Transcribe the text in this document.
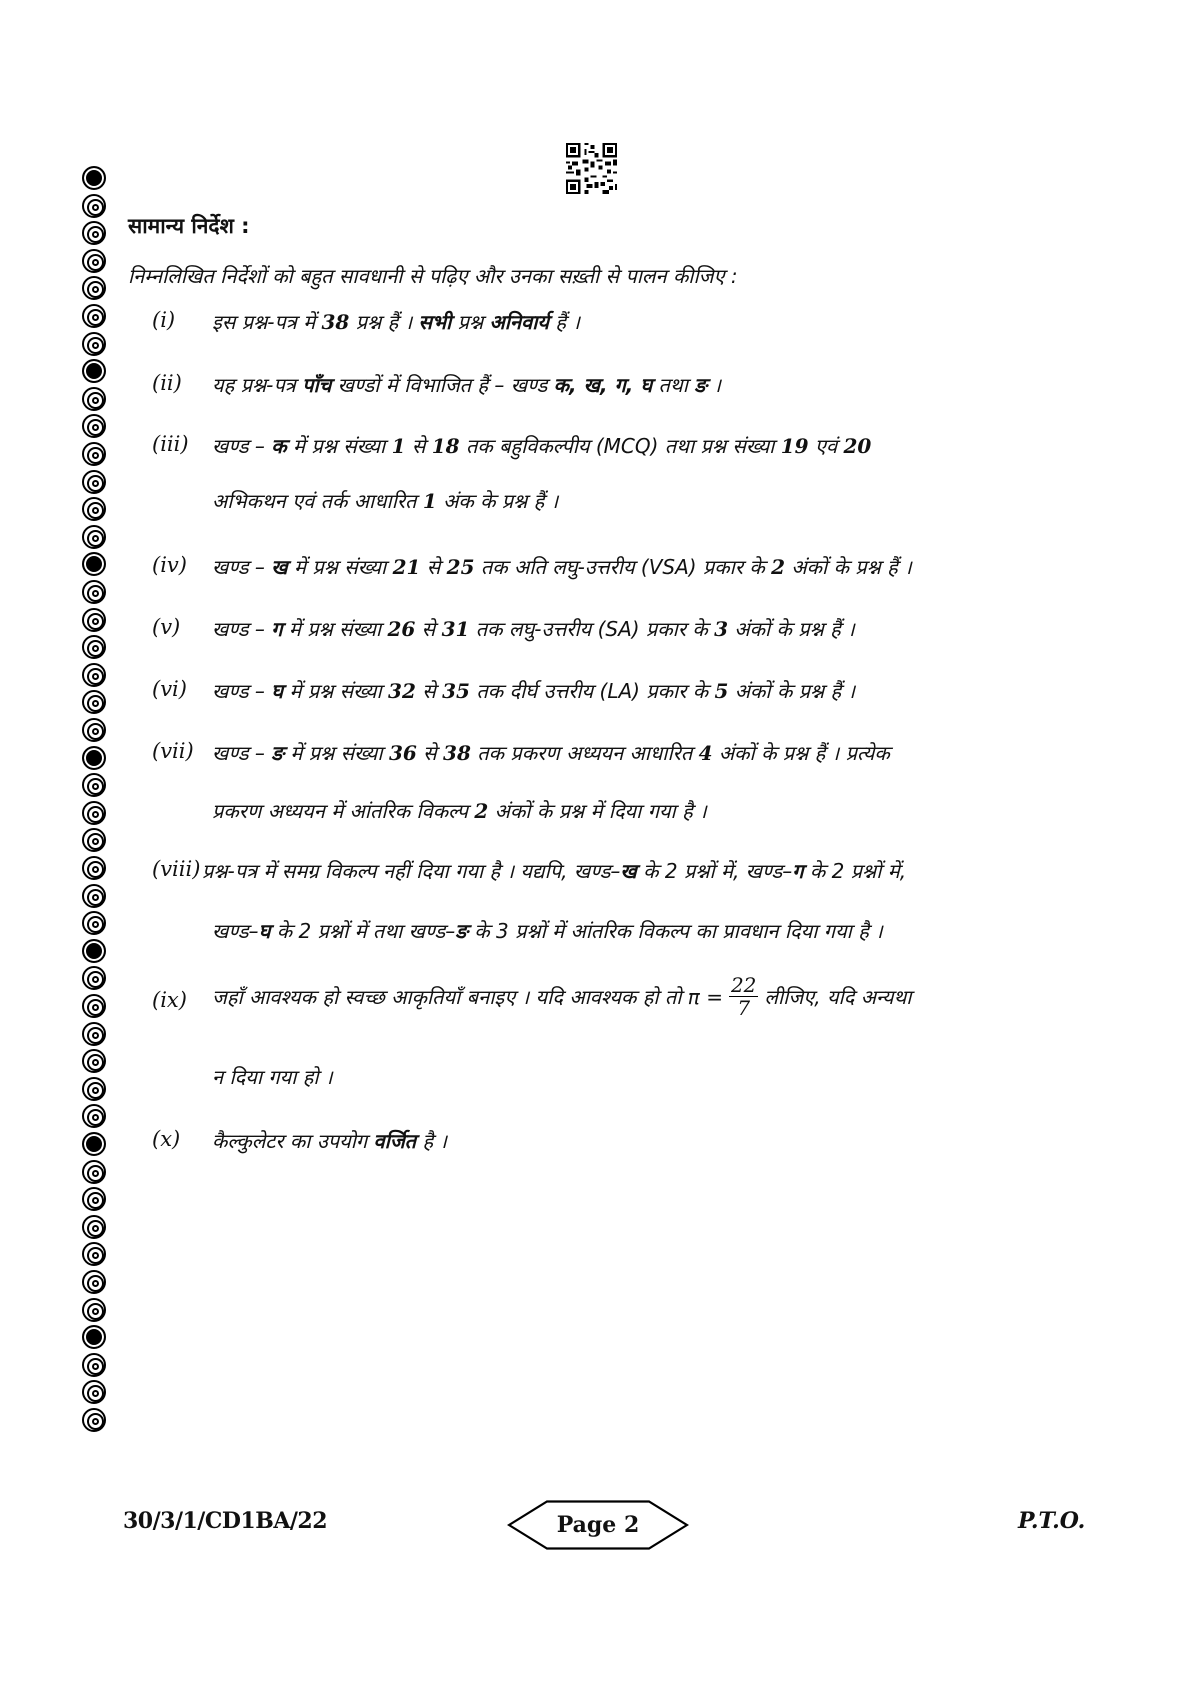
सामान्य निर्देश :
निम्नलिखित निर्देशों को बहुत सावधानी से पढ़िए और उनका सख़्ती से पालन कीजिए :
(i) इस प्रश्न-पत्र में 38 प्रश्न हैं । सभी प्रश्न अनिवार्य हैं ।
(ii) यह प्रश्न-पत्र पाँच खण्डों में विभाजित हैं – खण्ड क, ख, ग, घ तथा ङ ।
(iii) खण्ड – क में प्रश्न संख्या 1 से 18 तक बहुविकल्पीय (MCQ) तथा प्रश्न संख्या 19 एवं 20
अभिकथन एवं तर्क आधारित 1 अंक के प्रश्न हैं ।
(iv) खण्ड – ख में प्रश्न संख्या 21 से 25 तक अति लघु-उत्तरीय (VSA) प्रकार के 2 अंकों के प्रश्न हैं ।
(v) खण्ड – ग में प्रश्न संख्या 26 से 31 तक लघु-उत्तरीय (SA) प्रकार के 3 अंकों के प्रश्न हैं ।
(vi) खण्ड – घ में प्रश्न संख्या 32 से 35 तक दीर्घ उत्तरीय (LA) प्रकार के 5 अंकों के प्रश्न हैं ।
(vii) खण्ड – ङ में प्रश्न संख्या 36 से 38 तक प्रकरण अध्ययन आधारित 4 अंकों के प्रश्न हैं । प्रत्येक
प्रकरण अध्ययन में आंतरिक विकल्प 2 अंकों के प्रश्न में दिया गया है ।
(viii) प्रश्न-पत्र में समग्र विकल्प नहीं दिया गया है । यद्यपि, खण्ड–ख के 2 प्रश्नों में, खण्ड–ग के 2 प्रश्नों में,
खण्ड–घ के 2 प्रश्नों में तथा खण्ड–ङ के 3 प्रश्नों में आंतरिक विकल्प का प्रावधान दिया गया है ।
(ix) जहाँ आवश्यक हो स्वच्छ आकृतियाँ बनाइए । यदि आवश्यक हो तो $\pi = \frac{22}{7}$ लीजिए, यदि अन्यथा
न दिया गया हो ।
(x) कैल्कुलेटर का उपयोग वर्जित है ।
30/3/1/CD1BA/22	Page 2	P.T.O.
